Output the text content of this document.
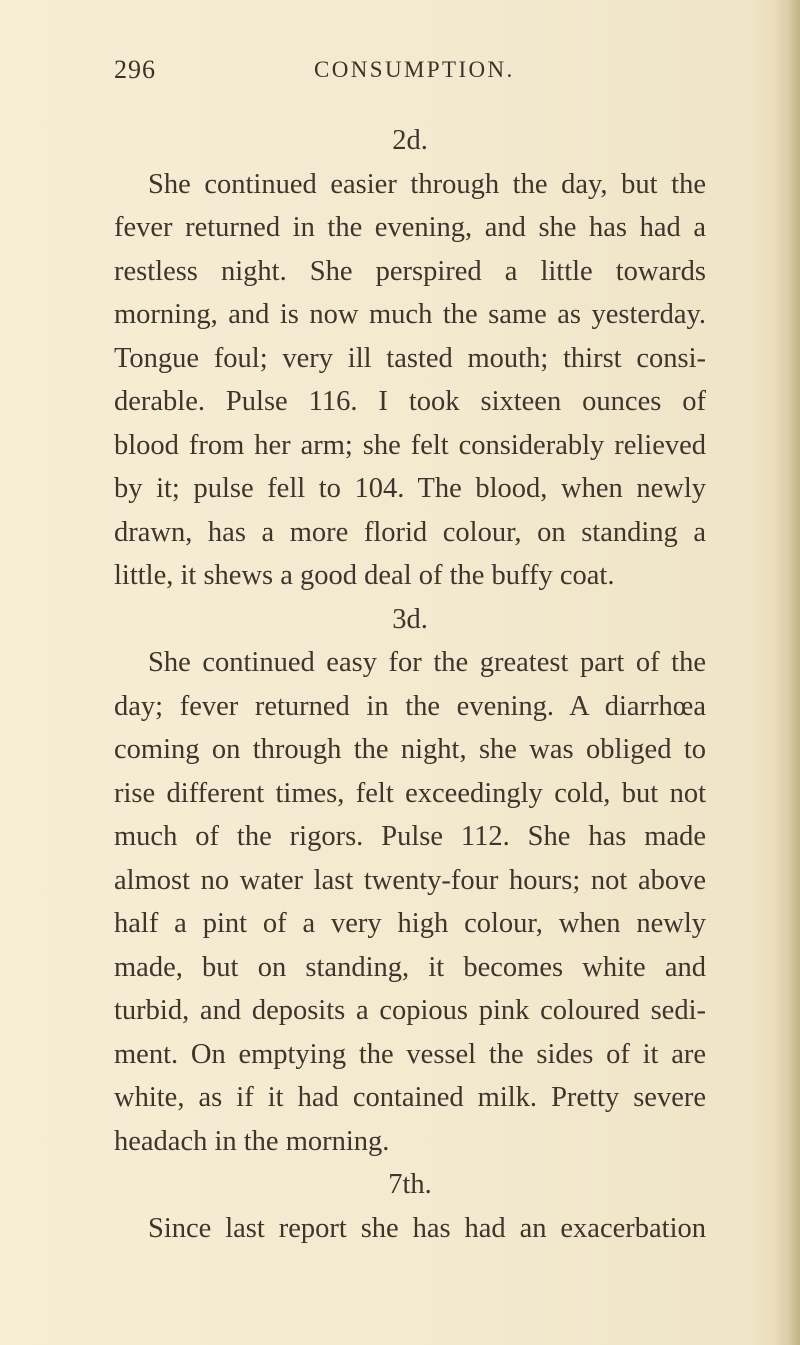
296	CONSUMPTION.
2d.
She continued easier through the day, but the
fever returned in the evening, and she has had a
restless night. She perspired a little towards
morning, and is now much the same as yesterday.
Tongue foul; very ill tasted mouth; thirst consi-
derable. Pulse 116. I took sixteen ounces of
blood from her arm; she felt considerably relieved
by it; pulse fell to 104. The blood, when newly
drawn, has a more florid colour, on standing a
little, it shews a good deal of the buffy coat.
3d.
She continued easy for the greatest part of the
day; fever returned in the evening. A diarrhœa
coming on through the night, she was obliged to
rise different times, felt exceedingly cold, but not
much of the rigors. Pulse 112. She has made
almost no water last twenty-four hours; not above
half a pint of a very high colour, when newly
made, but on standing, it becomes white and
turbid, and deposits a copious pink coloured sedi-
ment. On emptying the vessel the sides of it are
white, as if it had contained milk. Pretty severe
headach in the morning.
7th.
Since last report she has had an exacerbation
